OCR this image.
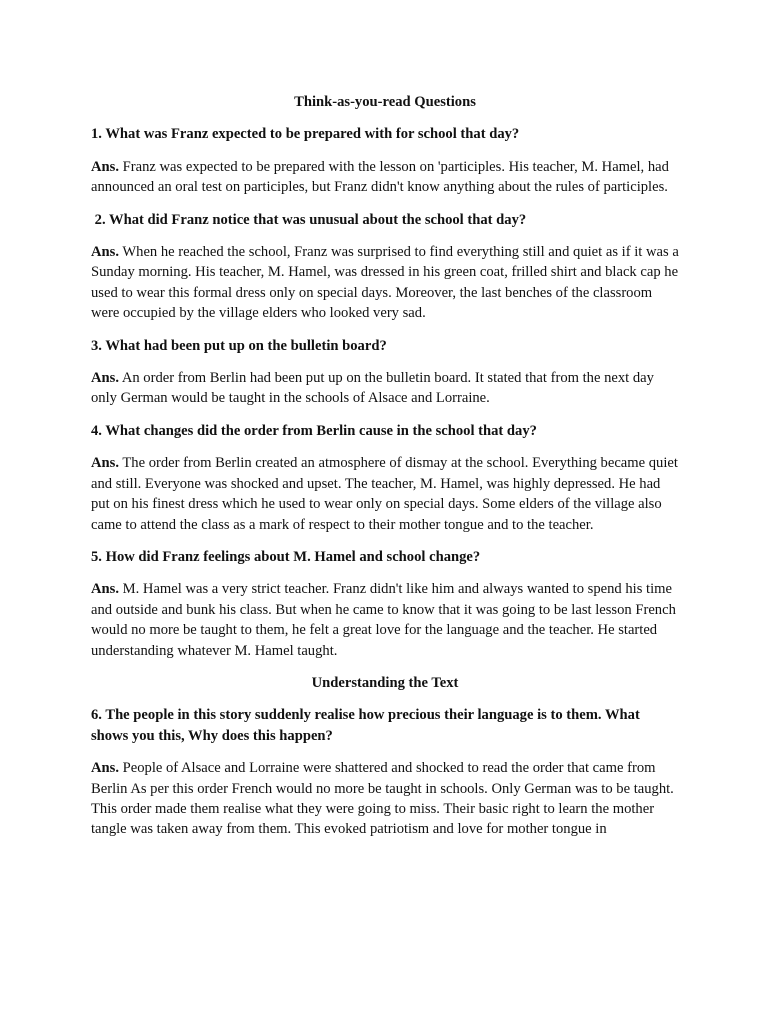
Think-as-you-read Questions
1. What was Franz expected to be prepared with for school that day?
Ans. Franz was expected to be prepared with the lesson on 'participles. His teacher, M. Hamel, had announced an oral test on participles, but Franz didn't know anything about the rules of participles.
2. What did Franz notice that was unusual about the school that day?
Ans. When he reached the school, Franz was surprised to find everything still and quiet as if it was a Sunday morning. His teacher, M. Hamel, was dressed in his green coat, frilled shirt and black cap he used to wear this formal dress only on special days. Moreover, the last benches of the classroom were occupied by the village elders who looked very sad.
3. What had been put up on the bulletin board?
Ans. An order from Berlin had been put up on the bulletin board. It stated that from the next day only German would be taught in the schools of Alsace and Lorraine.
4. What changes did the order from Berlin cause in the school that day?
Ans. The order from Berlin created an atmosphere of dismay at the school. Everything became quiet and still. Everyone was shocked and upset. The teacher, M. Hamel, was highly depressed. He had put on his finest dress which he used to wear only on special days. Some elders of the village also came to attend the class as a mark of respect to their mother tongue and to the teacher.
5. How did Franz feelings about M. Hamel and school change?
Ans. M. Hamel was a very strict teacher. Franz didn't like him and always wanted to spend his time and outside and bunk his class. But when he came to know that it was going to be last lesson French would no more be taught to them, he felt a great love for the language and the teacher. He started understanding whatever M. Hamel taught.
Understanding the Text
6. The people in this story suddenly realise how precious their language is to them. What shows you this, Why does this happen?
Ans. People of Alsace and Lorraine were shattered and shocked to read the order that came from Berlin As per this order French would no more be taught in schools. Only German was to be taught. This order made them realise what they were going to miss. Their basic right to learn the mother tangle was taken away from them. This evoked patriotism and love for mother tongue in
